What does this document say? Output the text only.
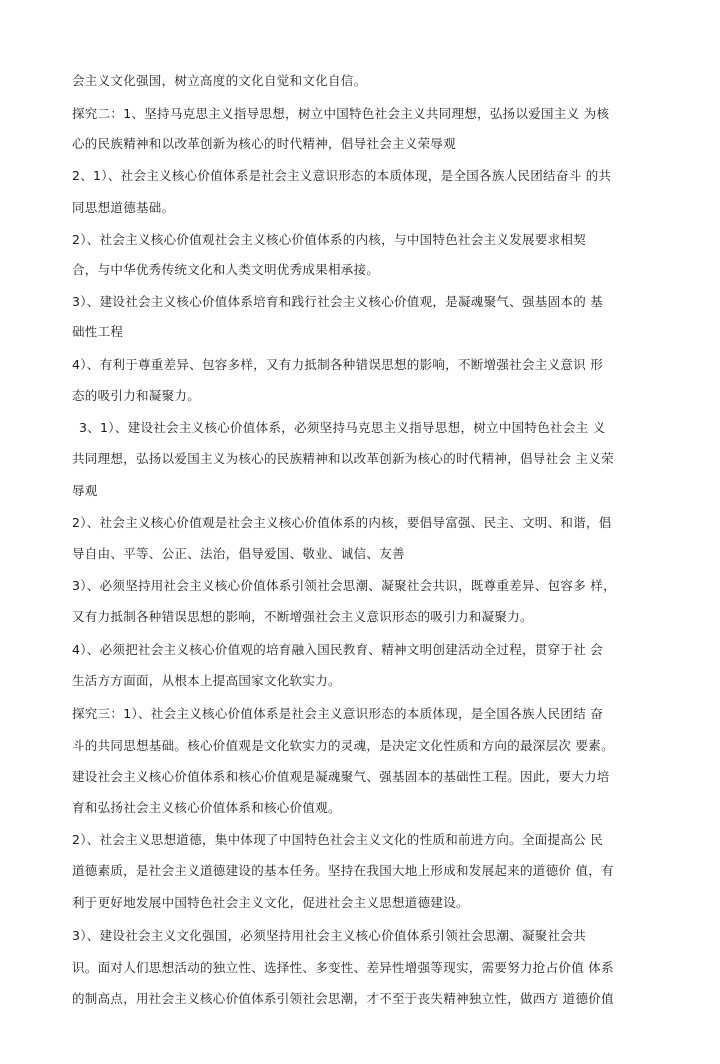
会主义文化强国，树立高度的文化自觉和文化自信。
探究二：1、坚持马克思主义指导思想，树立中国特色社会主义共同理想，弘扬以爱国主义 为核
心的民族精神和以改革创新为核心的时代精神，倡导社会主义荣辱观
2、1）、社会主义核心价值体系是社会主义意识形态的本质体现，是全国各族人民团结奋斗 的共
同思想道德基础。
2）、社会主义核心价值观社会主义核心价值体系的内核，与中国特色社会主义发展要求相契
合，与中华优秀传统文化和人类文明优秀成果相承接。
3）、建设社会主义核心价值体系培育和践行社会主义核心价值观，是凝魂聚气、强基固本的 基
础性工程
4）、有利于尊重差异、包容多样，又有力抵制各种错误思想的影响，不断增强社会主义意识 形
态的吸引力和凝聚力。
3、1）、建设社会主义核心价值体系，必须坚持马克思主义指导思想，树立中国特色社会主 义
共同理想，弘扬以爱国主义为核心的民族精神和以改革创新为核心的时代精神，倡导社会 主义荣
辱观
2）、社会主义核心价值观是社会主义核心价值体系的内核，要倡导富强、民主、文明、和谐，倡
导自由、平等、公正、法治，倡导爱国、敬业、诚信、友善
3）、必须坚持用社会主义核心价值体系引领社会思潮、凝聚社会共识，既尊重差异、包容多 样，
又有力抵制各种错误思想的影响，不断增强社会主义意识形态的吸引力和凝聚力。
4）、必须把社会主义核心价值观的培育融入国民教育、精神文明创建活动全过程，贯穿于社 会
生活方方面面，从根本上提高国家文化软实力。
探究三：1）、社会主义核心价值体系是社会主义意识形态的本质体现，是全国各族人民团结 奋
斗的共同思想基础。核心价值观是文化软实力的灵魂，是决定文化性质和方向的最深层次 要素。
建设社会主义核心价值体系和核心价值观是凝魂聚气、强基固本的基础性工程。因此，要大力培
育和弘扬社会主义核心价值体系和核心价值观。
2）、社会主义思想道德，集中体现了中国特色社会主义文化的性质和前进方向。全面提高公 民
道德素质，是社会主义道德建设的基本任务。坚持在我国大地上形成和发展起来的道德价 值，有
利于更好地发展中国特色社会主义文化，促进社会主义思想道德建设。
3）、建设社会主义文化强国，必须坚持用社会主义核心价值体系引领社会思潮、凝聚社会共
识。面对人们思想活动的独立性、选择性、多变性、差异性增强等现实，需要努力抢占价值 体系
的制高点，用社会主义核心价值体系引领社会思潮，才不至于丧失精神独立性，做西方 道德价值
